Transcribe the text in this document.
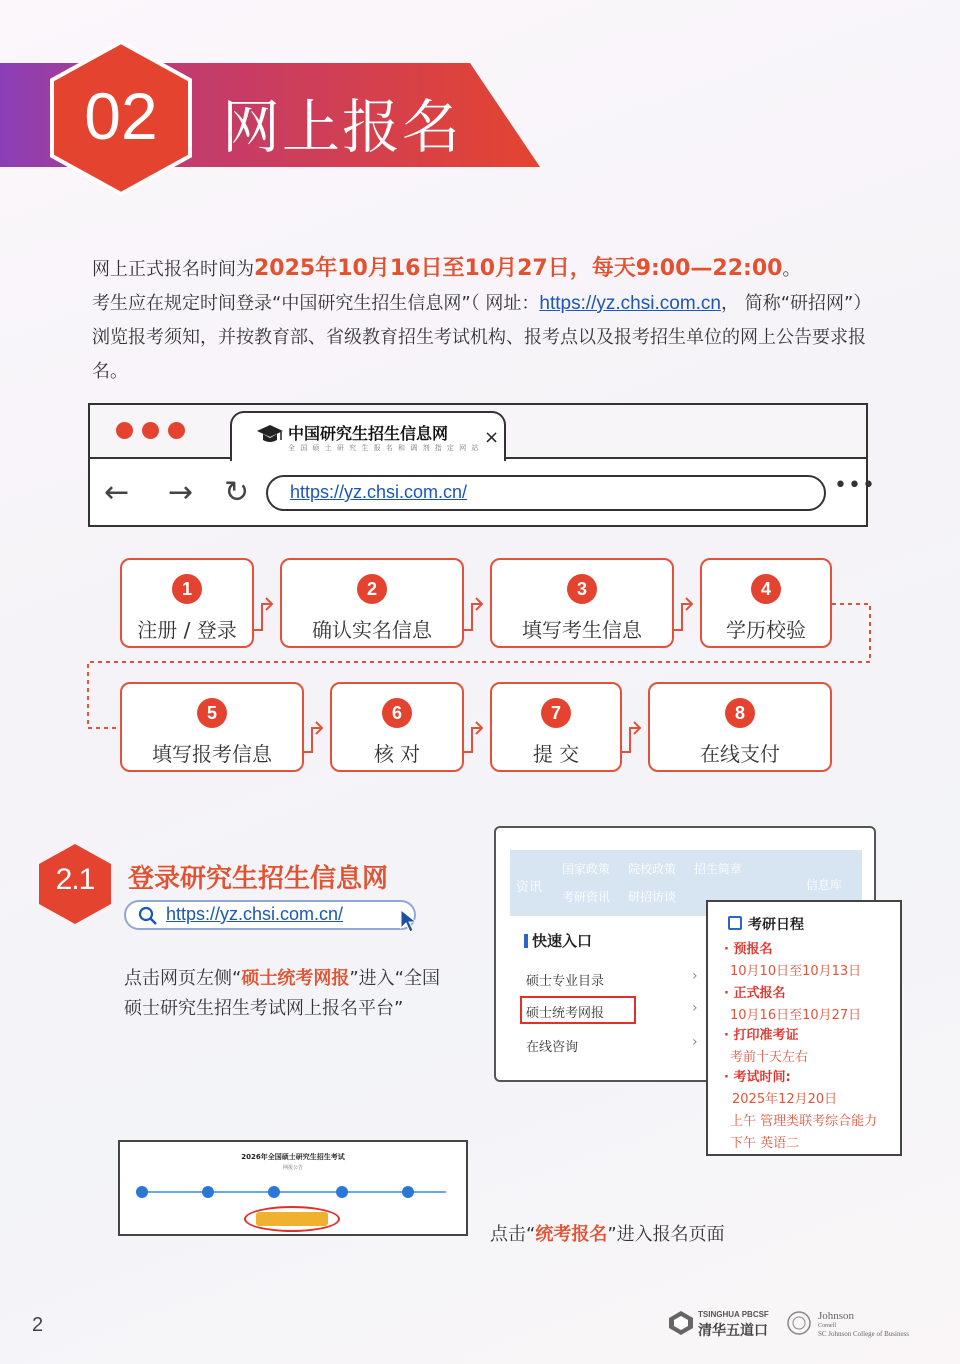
02	网上报名
网上正式报名时间为2025年10月16日至10月27日，每天9:00—22:00。
考生应在规定时间登录“中国研究生招生信息网”（ 网址：https://yz.chsi.com.cn， 简称“研招网”）浏览报考须知，并按教育部、省级教育招生考试机构、报考点以及报考招生单位的网上公告要求报名。
中国研究生招生信息网
全 国 硕 士 研 究 生 报 名 和 调 剂 指 定 网 站 ×
← → ↻ https://yz.chsi.com.cn/	•••
1
注册 / 登录
2
确认实名信息
3
填写考生信息
4
学历校验
5
填写报考信息
6
核 对
7
提 交
8
在线支付
2.1	登录研究生招生信息网
https://yz.chsi.com.cn/
点击网页左侧“硕士统考网报”进入“全国硕士研究生招生考试网上报名平台”
国家政策 院校政策 招生简章
资讯
考研资讯 研招访谈
信息库
快速入口
硕士专业目录	›
硕士统考网报	›
在线咨询	›
考研日程
· 预报名
10月10日至10月13日
· 正式报名
10月16日至10月27日
· 打印准考证
考前十天左右
· 考试时间:
2025年12月20日
上午 管理类联考综合能力
下午 英语二
2026年全国硕士研究生招生考试
网报公告
点击“统考报名”进入报名页面
2	TSINGHUA PBCSF
清华五道口
Johnson
Cornell
SC Johnson College of Business
